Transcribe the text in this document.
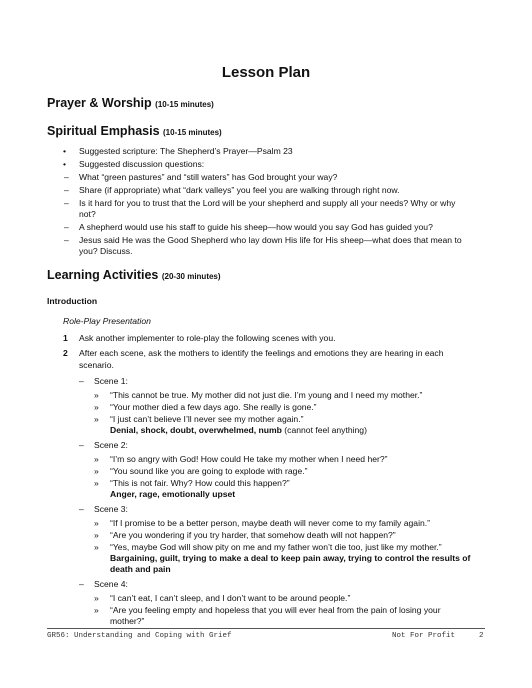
Lesson Plan
Prayer & Worship (10-15 minutes)
Spiritual Emphasis (10-15 minutes)
• Suggested scripture: The Shepherd’s Prayer—Psalm 23
• Suggested discussion questions:
– What “green pastures” and “still waters” has God brought your way?
– Share (if appropriate) what “dark valleys” you feel you are walking through right now.
– Is it hard for you to trust that the Lord will be your shepherd and supply all your needs? Why or why
not?
– A shepherd would use his staff to guide his sheep—how would you say God has guided you?
– Jesus said He was the Good Shepherd who lay down His life for His sheep—what does that mean to
you? Discuss.
Learning Activities (20-30 minutes)
Introduction
Role-Play Presentation
1 Ask another implementer to role-play the following scenes with you.
2 After each scene, ask the mothers to identify the feelings and emotions they are hearing in each
scenario.
– Scene 1:
» “This cannot be true. My mother did not just die. I’m young and I need my mother.”
» “Your mother died a few days ago. She really is gone.”
» “I just can’t believe I’ll never see my mother again.”
Denial, shock, doubt, overwhelmed, numb (cannot feel anything)
– Scene 2:
» “I’m so angry with God! How could He take my mother when I need her?”
» “You sound like you are going to explode with rage.”
» “This is not fair. Why? How could this happen?”
Anger, rage, emotionally upset
– Scene 3:
» “If I promise to be a better person, maybe death will never come to my family again.”
» “Are you wondering if you try harder, that somehow death will not happen?”
» “Yes, maybe God will show pity on me and my father won’t die too, just like my mother.”
Bargaining, guilt, trying to make a deal to keep pain away, trying to control the results of
death and pain
– Scene 4:
» “I can’t eat, I can’t sleep, and I don’t want to be around people.”
» “Are you feeling empty and hopeless that you will ever heal from the pain of losing your
mother?”
GR56: Understanding and Coping with Grief	Not For Profit	2
